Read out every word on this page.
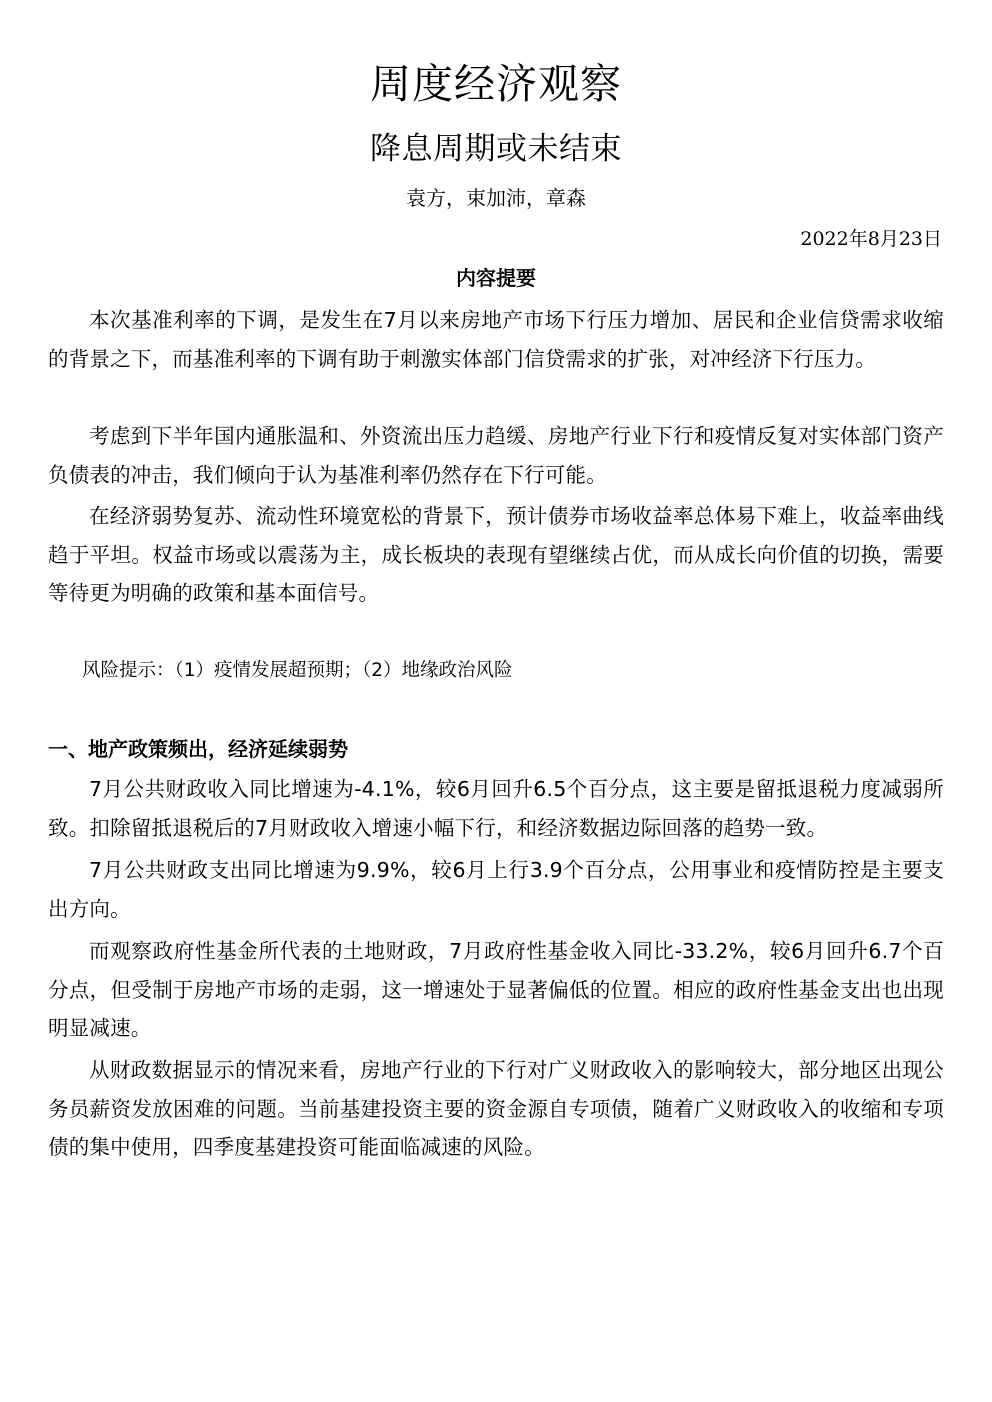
周度经济观察
降息周期或未结束
袁方，束加沛，章森
2022年8月23日
内容提要

本次基准利率的下调，是发生在7月以来房地产市场下行压力增加、居民和企业信贷需求收缩的背景之下，而基准利率的下调有助于刺激实体部门信贷需求的扩张，对冲经济下行压力。

考虑到下半年国内通胀温和、外资流出压力趋缓、房地产行业下行和疫情反复对实体部门资产负债表的冲击，我们倾向于认为基准利率仍然存在下行可能。

在经济弱势复苏、流动性环境宽松的背景下，预计债券市场收益率总体易下难上，收益率曲线趋于平坦。权益市场或以震荡为主，成长板块的表现有望继续占优，而从成长向价值的切换，需要等待更为明确的政策和基本面信号。

风险提示：（1）疫情发展超预期；（2）地缘政治风险
一、地产政策频出，经济延续弱势

7月公共财政收入同比增速为-4.1%，较6月回升6.5个百分点，这主要是留抵退税力度减弱所致。扣除留抵退税后的7月财政收入增速小幅下行，和经济数据边际回落的趋势一致。

7月公共财政支出同比增速为9.9%，较6月上行3.9个百分点，公用事业和疫情防控是主要支出方向。

而观察政府性基金所代表的土地财政，7月政府性基金收入同比-33.2%，较6月回升6.7个百分点，但受制于房地产市场的走弱，这一增速处于显著偏低的位置。相应的政府性基金支出也出现明显减速。

从财政数据显示的情况来看，房地产行业的下行对广义财政收入的影响较大，部分地区出现公务员薪资发放困难的问题。当前基建投资主要的资金源自专项债，随着广义财政收入的收缩和专项债的集中使用，四季度基建投资可能面临减速的风险。
